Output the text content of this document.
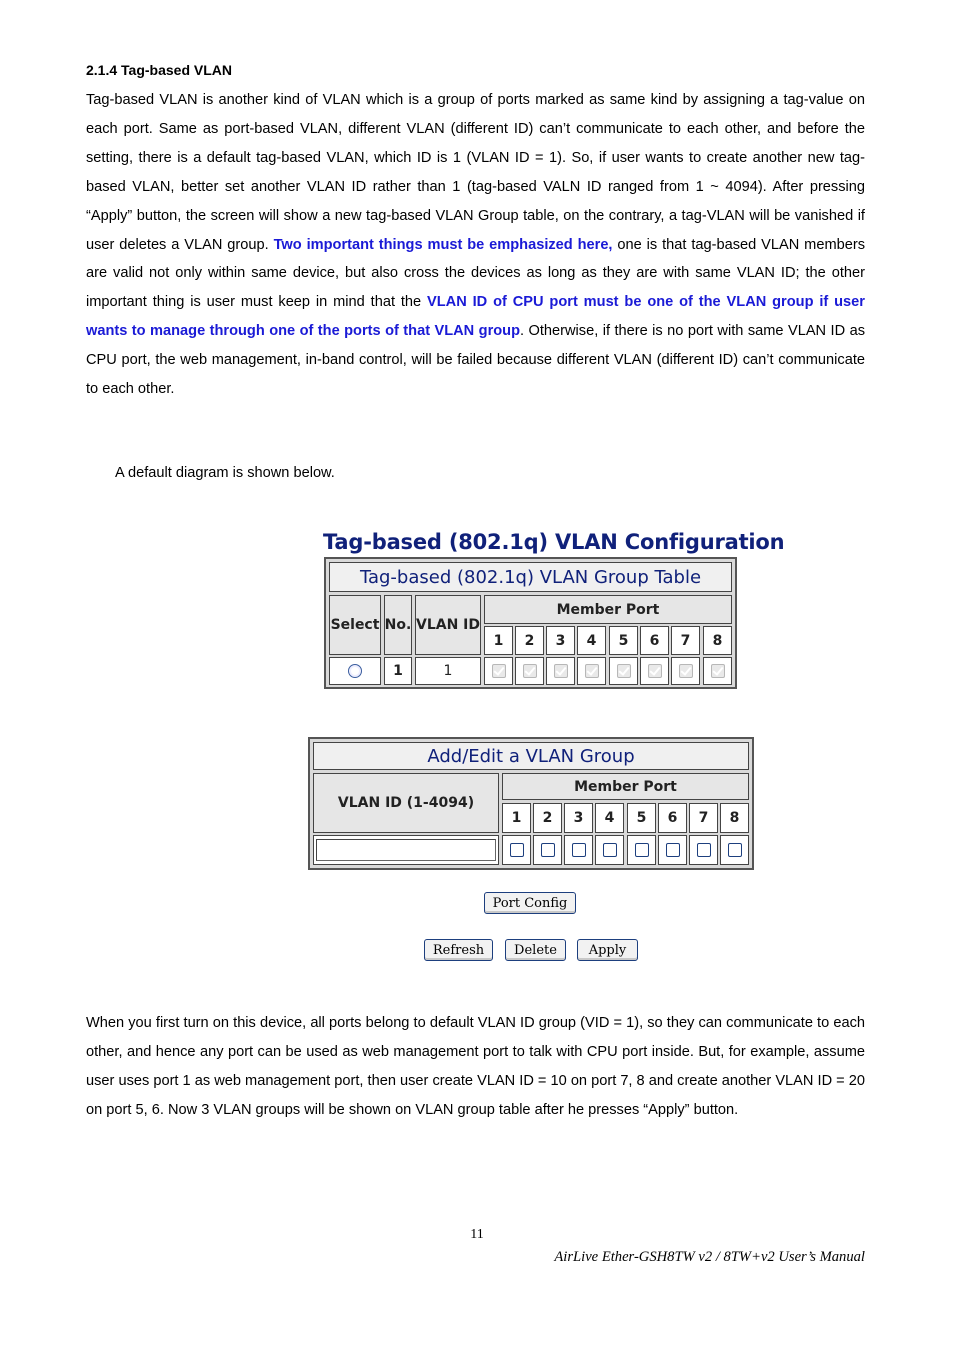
2.1.4 Tag-based VLAN

Tag-based VLAN is another kind of VLAN which is a group of ports marked as same kind by assigning a tag-value on each port. Same as port-based VLAN, different VLAN (different ID) can’t communicate to each other, and before the setting, there is a default tag-based VLAN, which ID is 1 (VLAN ID = 1). So, if user wants to create another new tag-based VLAN, better set another VLAN ID rather than 1 (tag-based VALN ID ranged from 1 ~ 4094). After pressing “Apply” button, the screen will show a new tag-based VLAN Group table, on the contrary, a tag-VLAN will be vanished if user deletes a VLAN group. Two important things must be emphasized here, one is that tag-based VLAN members are valid not only within same device, but also cross the devices as long as they are with same VLAN ID; the other important thing is user must keep in mind that the VLAN ID of CPU port must be one of the VLAN group if user wants to manage through one of the ports of that VLAN group. Otherwise, if there is no port with same VLAN ID as CPU port, the web management, in-band control, will be failed because different VLAN (different ID) can’t communicate to each other.

A default diagram is shown below.
Tag-based (802.1q) VLAN Configuration
Tag-based (802.1q) VLAN Group Table
Select No. VLAN ID
Member Port
1	2	3	4	5	6	7	8
1	1
Add/Edit a VLAN Group
VLAN ID (1-4094)
Member Port
1	2	3	4	5	6	7	8
Port Config
Refresh	Delete	Apply

When you first turn on this device, all ports belong to default VLAN ID group (VID = 1), so they can communicate to each other, and hence any port can be used as web management port to talk with CPU port inside. But, for example, assume user uses port 1 as web management port, then user create VLAN ID = 10 on port 7, 8 and create another VLAN ID = 20 on port 5, 6. Now 3 VLAN groups will be shown on VLAN group table after he presses “Apply” button.

11
AirLive Ether-GSH8TW v2 / 8TW+v2 User’s Manual
